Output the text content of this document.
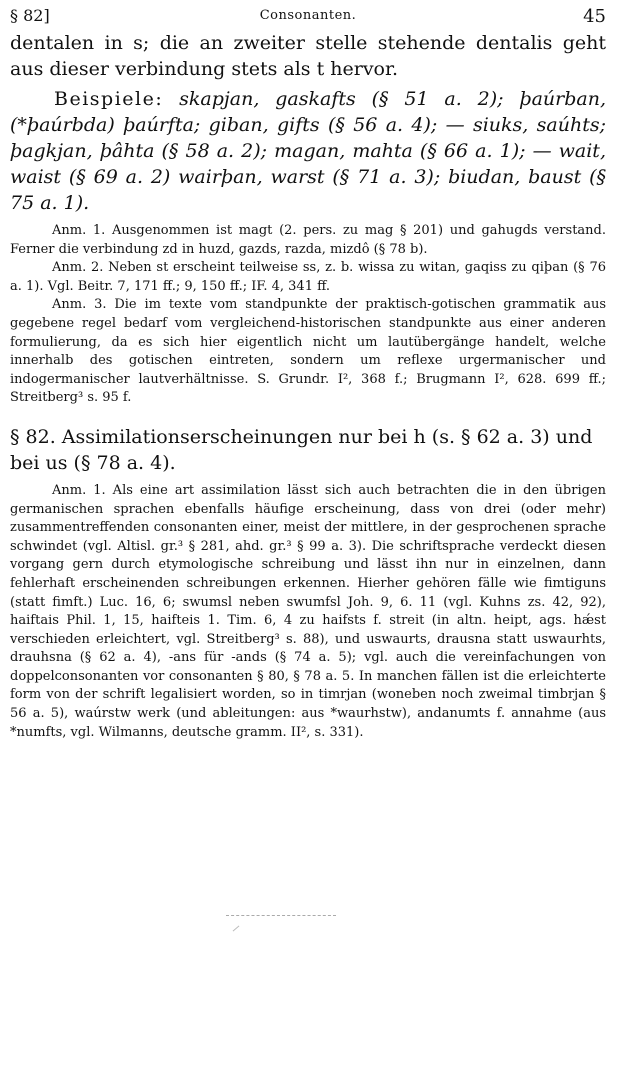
§ 82]	Consonanten.	45

dentalen in s; die an zweiter stelle stehende dentalis geht aus dieser verbindung stets als t hervor.

Beispiele: skapjan, gaskafts (§ 51 a. 2); þaúrban, (*þaúrbda) þaúrfta; giban, gifts (§ 56 a. 4); — siuks, saúhts; þagkjan, þâhta (§ 58 a. 2); magan, mahta (§ 66 a. 1); — wait, waist (§ 69 a. 2) wairþan, warst (§ 71 a. 3); biudan, baust (§ 75 a. 1).

Anm. 1. Ausgenommen ist magt (2. pers. zu mag § 201) und gahugds verstand. Ferner die verbindung zd in huzd, gazds, razda, mizdô (§ 78 b).

Anm. 2. Neben st erscheint teilweise ss, z. b. wissa zu witan, gaqiss zu qiþan (§ 76 a. 1). Vgl. Beitr. 7, 171 ff.; 9, 150 ff.; IF. 4, 341 ff.

Anm. 3. Die im texte vom standpunkte der praktisch-gotischen grammatik aus gegebene regel bedarf vom vergleichend-historischen standpunkte aus einer anderen formulierung, da es sich hier eigentlich nicht um lautübergänge handelt, welche innerhalb des gotischen eintreten, sondern um reflexe urgermanischer und indogermanischer lautverhältnisse. S. Grundr. I², 368 f.; Brugmann I², 628. 699 ff.; Streitberg³ s. 95 f.

§ 82. Assimilationserscheinungen nur bei h (s. § 62 a. 3) und bei us (§ 78 a. 4).

Anm. 1. Als eine art assimilation lässt sich auch betrachten die in den übrigen germanischen sprachen ebenfalls häufige erscheinung, dass von drei (oder mehr) zusammentreffenden consonanten einer, meist der mittlere, in der gesprochenen sprache schwindet (vgl. Altisl. gr.³ § 281, ahd. gr.³ § 99 a. 3). Die schriftsprache verdeckt diesen vorgang gern durch etymologische schreibung und lässt ihn nur in einzelnen, dann fehlerhaft erscheinenden schreibungen erkennen. Hierher gehören fälle wie fimtiguns (statt fimft.) Luc. 16, 6; swumsl neben swumfsl Joh. 9, 6. 11 (vgl. Kuhns zs. 42, 92), haiftais Phil. 1, 15, haifteis 1. Tim. 6, 4 zu haifsts f. streit (in altn. heipt, ags. hǽst verschieden erleichtert, vgl. Streitberg³ s. 88), und uswaurts, drausna statt uswaurhts, drauhsna (§ 62 a. 4), -ans für -ands (§ 74 a. 5); vgl. auch die vereinfachungen von doppelconsonanten vor consonanten § 80, § 78 a. 5. In manchen fällen ist die erleichterte form von der schrift legalisiert worden, so in timrjan (woneben noch zweimal timbrjan § 56 a. 5), waúrstw werk (und ableitungen: aus *waurhstw), andanumts f. annahme (aus *numfts, vgl. Wilmanns, deutsche gramm. II², s. 331).
